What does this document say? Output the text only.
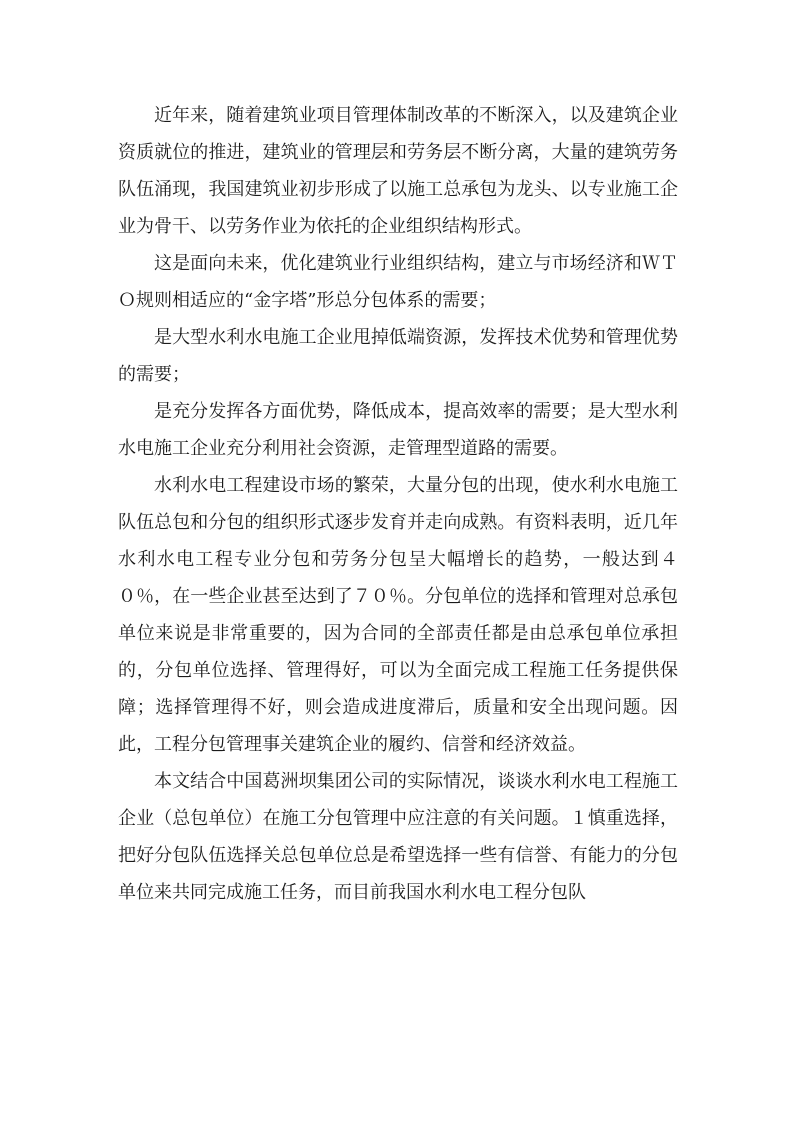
近年来，随着建筑业项目管理体制改革的不断深入，以及建筑企业资质就位的推进，建筑业的管理层和劳务层不断分离，大量的建筑劳务队伍涌现，我国建筑业初步形成了以施工总承包为龙头、以专业施工企业为骨干、以劳务作业为依托的企业组织结构形式。

这是面向未来，优化建筑业行业组织结构，建立与市场经济和ＷＴＯ规则相适应的“金字塔”形总分包体系的需要；

是大型水利水电施工企业甩掉低端资源，发挥技术优势和管理优势的需要；

是充分发挥各方面优势，降低成本，提高效率的需要；是大型水利水电施工企业充分利用社会资源，走管理型道路的需要。

水利水电工程建设市场的繁荣，大量分包的出现，使水利水电施工队伍总包和分包的组织形式逐步发育并走向成熟。有资料表明，近几年水利水电工程专业分包和劳务分包呈大幅增长的趋势，一般达到４０％，在一些企业甚至达到了７０％。分包单位的选择和管理对总承包单位来说是非常重要的，因为合同的全部责任都是由总承包单位承担的，分包单位选择、管理得好，可以为全面完成工程施工任务提供保障；选择管理得不好，则会造成进度滞后，质量和安全出现问题。因此，工程分包管理事关建筑企业的履约、信誉和经济效益。

本文结合中国葛洲坝集团公司的实际情况，谈谈水利水电工程施工企业（总包单位）在施工分包管理中应注意的有关问题。１慎重选择，把好分包队伍选择关总包单位总是希望选择一些有信誉、有能力的分包单位来共同完成施工任务，而目前我国水利水电工程分包队
